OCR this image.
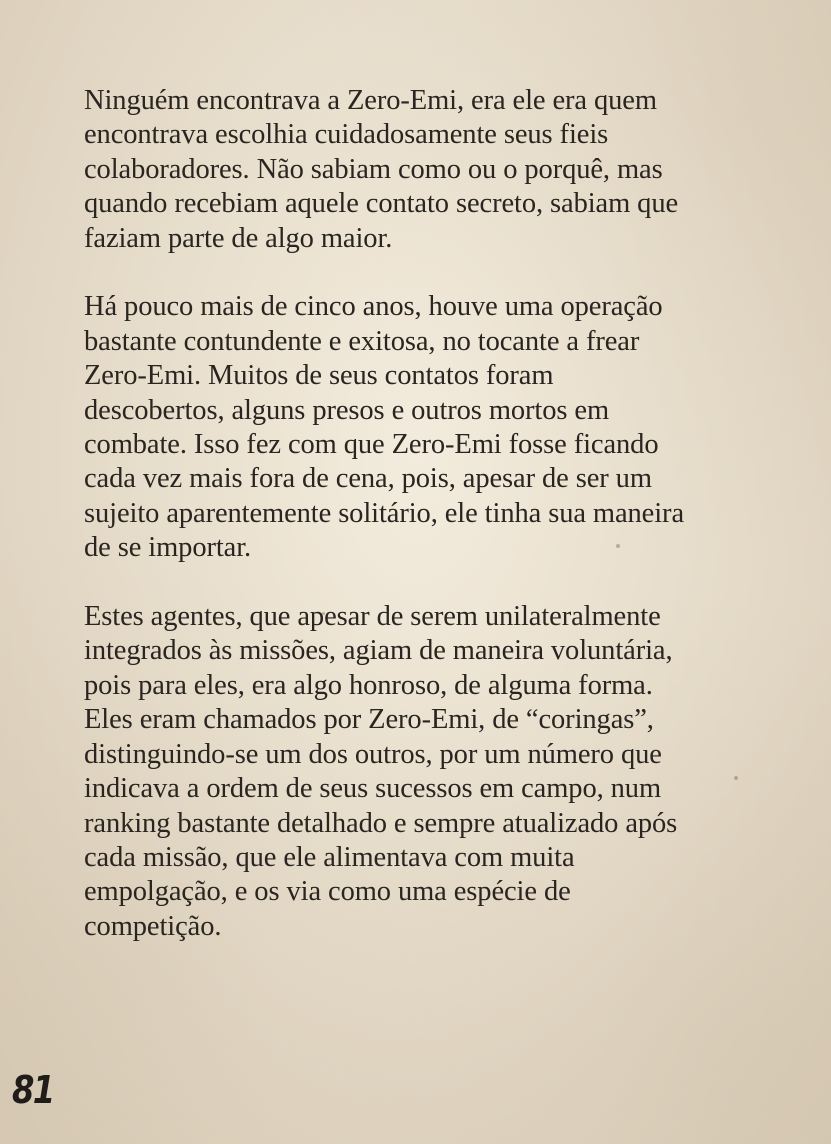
Ninguém encontrava a Zero-Emi, era ele era quem
encontrava escolhia cuidadosamente seus fieis
colaboradores. Não sabiam como ou o porquê, mas
quando recebiam aquele contato secreto, sabiam que
faziam parte de algo maior.

Há pouco mais de cinco anos, houve uma operação
bastante contundente e exitosa, no tocante a frear
Zero-Emi. Muitos de seus contatos foram
descobertos, alguns presos e outros mortos em
combate. Isso fez com que Zero-Emi fosse ficando
cada vez mais fora de cena, pois, apesar de ser um
sujeito aparentemente solitário, ele tinha sua maneira
de se importar.

Estes agentes, que apesar de serem unilateralmente
integrados às missões, agiam de maneira voluntária,
pois para eles, era algo honroso, de alguma forma.
Eles eram chamados por Zero-Emi, de “coringas”,
distinguindo-se um dos outros, por um número que
indicava a ordem de seus sucessos em campo, num
ranking bastante detalhado e sempre atualizado após
cada missão, que ele alimentava com muita
empolgação, e os via como uma espécie de
competição.

81
